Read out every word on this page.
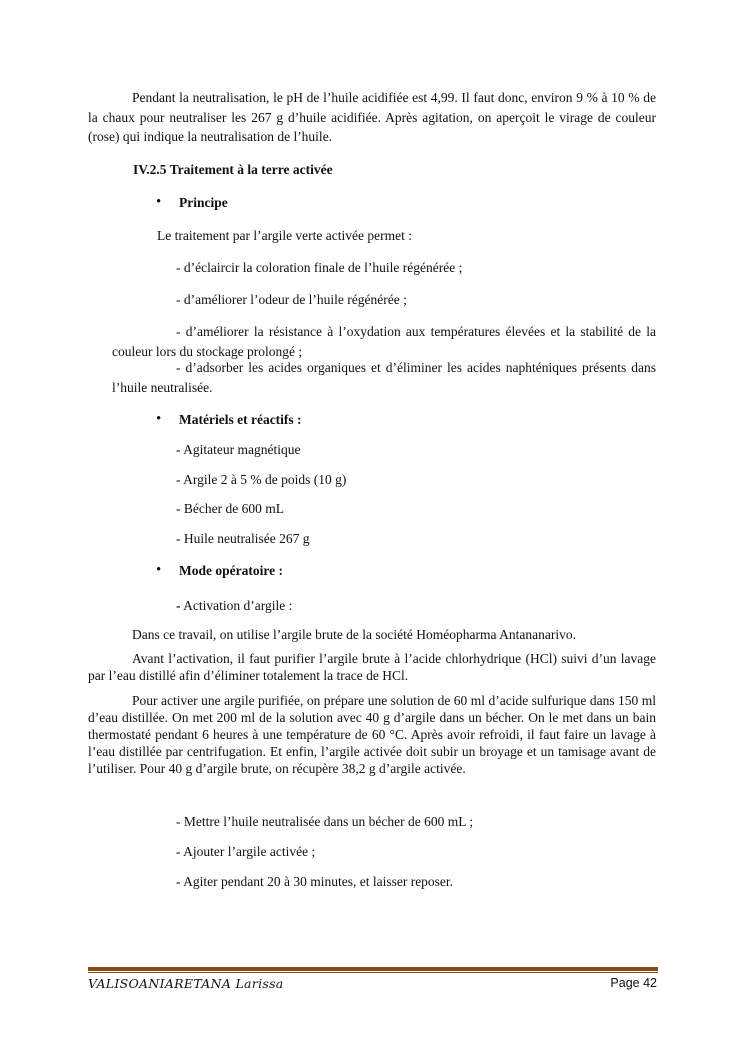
Pendant la neutralisation, le pH de l’huile acidifiée est 4,99. Il faut donc, environ 9 % à 10 % de la chaux pour neutraliser les 267 g d’huile acidifiée. Après agitation, on aperçoit le virage de couleur (rose) qui indique la neutralisation de l’huile.

IV.2.5 Traitement à la terre activée

• Principe

Le traitement par l’argile verte activée permet :

- d’éclaircir la coloration finale de l’huile régénérée ;

- d’améliorer l’odeur de l’huile régénérée ;

- d’améliorer la résistance à l’oxydation aux températures élevées et la stabilité de la couleur lors du stockage prolongé ;

- d’adsorber les acides organiques et d’éliminer les acides naphténiques présents dans l’huile neutralisée.

• Matériels et réactifs :

- Agitateur magnétique

- Argile 2 à 5 % de poids (10 g)

- Bécher de 600 mL

- Huile neutralisée 267 g

• Mode opératoire :

- Activation d’argile :

Dans ce travail, on utilise l’argile brute de la société Homéopharma Antananarivo.

Avant l’activation, il faut purifier l’argile brute à l’acide chlorhydrique (HCl) suivi d’un lavage par l’eau distillé afin d’éliminer totalement la trace de HCl.

Pour activer une argile purifiée, on prépare une solution de 60 ml d’acide sulfurique dans 150 ml d’eau distillée. On met 200 ml de la solution avec 40 g d’argile dans un bécher. On le met dans un bain thermostaté pendant 6 heures à une température de 60 °C. Après avoir refroidi, il faut faire un lavage à l’eau distillée par centrifugation. Et enfin, l’argile activée doit subir un broyage et un tamisage avant de l’utiliser. Pour 40 g d’argile brute, on récupère 38,2 g d’argile activée.

- Mettre l’huile neutralisée dans un bécher de 600 mL ;

- Ajouter l’argile activée ;

- Agiter pendant 20 à 30 minutes, et laisser reposer.

VALISOANIARETANA Larissa	Page 42
